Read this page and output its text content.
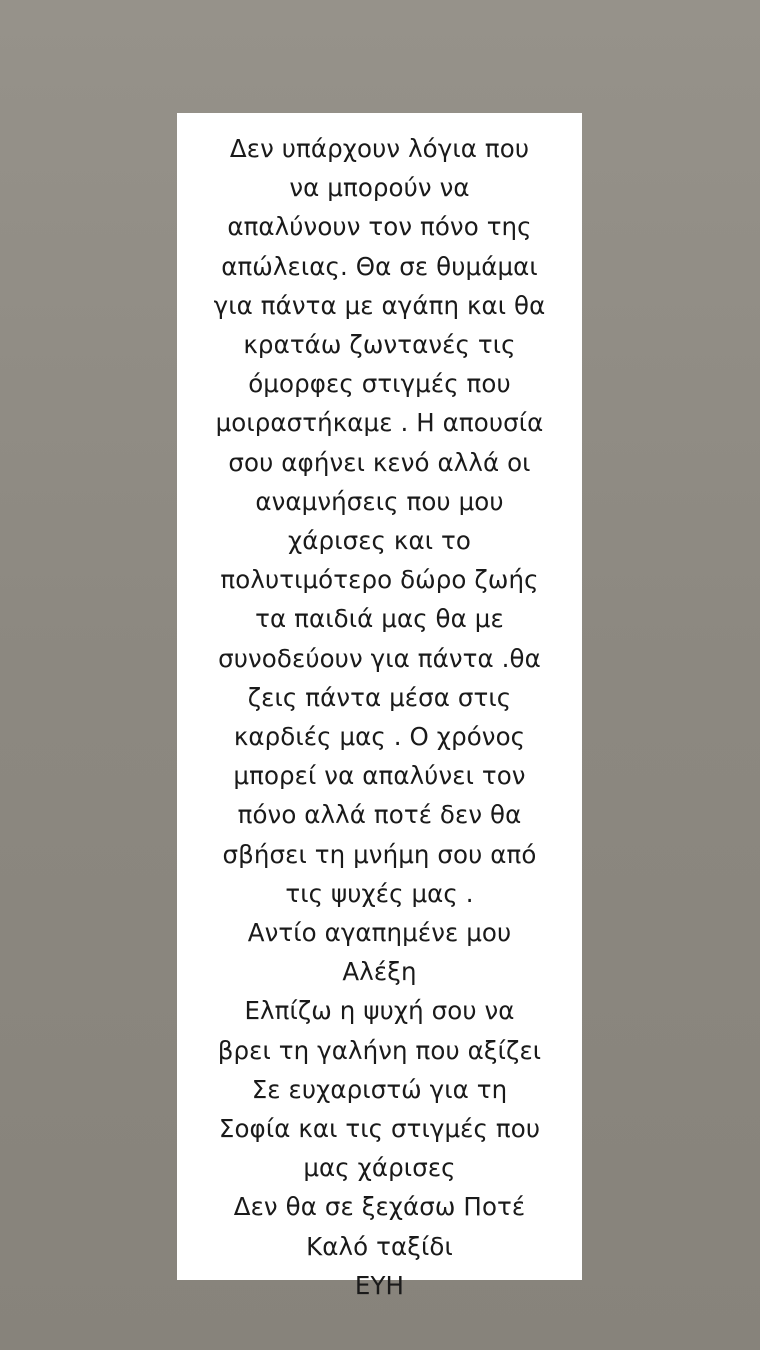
Δεν υπάρχουν λόγια που
να μπορούν να
απαλύνουν τον πόνο της
απώλειας. Θα σε θυμάμαι
για πάντα με αγάπη και θα
κρατάω ζωντανές τις
όμορφες στιγμές που
μοιραστήκαμε . Η απουσία
σου αφήνει κενό αλλά οι
αναμνήσεις που μου
χάρισες και το
πολυτιμότερο δώρο ζωής
τα παιδιά μας θα με
συνοδεύουν για πάντα .θα
ζεις πάντα μέσα στις
καρδιές μας . Ο χρόνος
μπορεί να απαλύνει τον
πόνο αλλά ποτέ δεν θα
σβήσει τη μνήμη σου από
τις ψυχές μας .
Αντίο αγαπημένε μου
Αλέξη
Ελπίζω η ψυχή σου να
βρει τη γαλήνη που αξίζει
Σε ευχαριστώ για τη
Σοφία και τις στιγμές που
μας χάρισες
Δεν θα σε ξεχάσω Ποτέ
Καλό ταξίδι
ΕΥΗ
